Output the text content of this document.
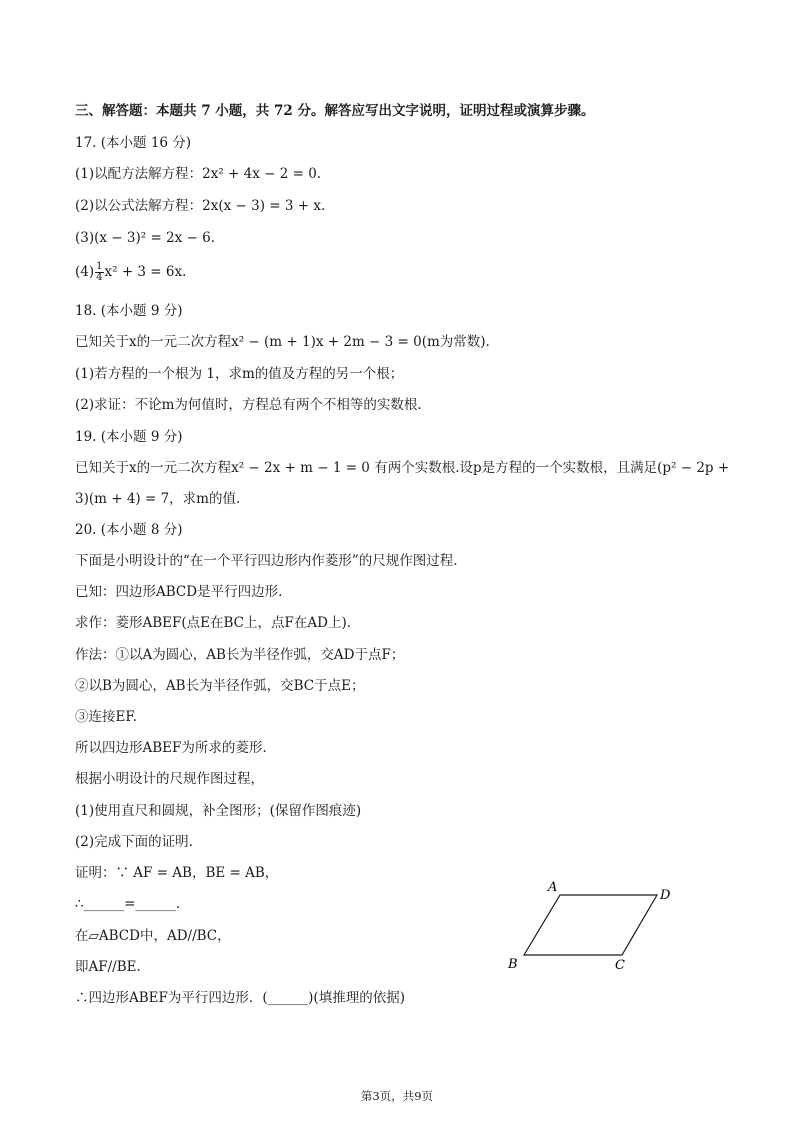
三、解答题：本题共 7 小题，共 72 分。解答应写出文字说明，证明过程或演算步骤。
17. (本小题 16 分)
(1)以配方法解方程：2x² + 4x − 2 = 0.
(2)以公式法解方程：2x(x − 3) = 3 + x.
(3)(x − 3)² = 2x − 6.
$(4) \frac{1}{4} x^2 + 3 = 6x$.
18. (本小题 9 分)
已知关于x的一元二次方程x² − (m + 1)x + 2m − 3 = 0(m为常数).
(1)若方程的一个根为 1，求m的值及方程的另一个根；
(2)求证：不论m为何值时，方程总有两个不相等的实数根.
19. (本小题 9 分)
已知关于x的一元二次方程x² − 2x + m − 1 = 0 有两个实数根.设p是方程的一个实数根，且满足(p² − 2p +
3)(m + 4) = 7，求m的值.
20. (本小题 8 分)
下面是小明设计的“在一个平行四边形内作菱形”的尺规作图过程.
已知：四边形ABCD是平行四边形.
求作：菱形ABEF(点E在BC上，点F在AD上).
作法：①以A为圆心，AB长为半径作弧，交AD于点F；
②以B为圆心，AB长为半径作弧，交BC于点E；
③连接EF.
所以四边形ABEF为所求的菱形.
根据小明设计的尺规作图过程，
(1)使用直尺和圆规，补全图形；(保留作图痕迹)
(2)完成下面的证明.
证明：∵ AF = AB，BE = AB，
∴______=______.
在▱ABCD中，AD//BC，
即AF//BE.
∴四边形ABEF为平行四边形．(______)(填推理的依据)
A
D
B	C
第3页，共9页
